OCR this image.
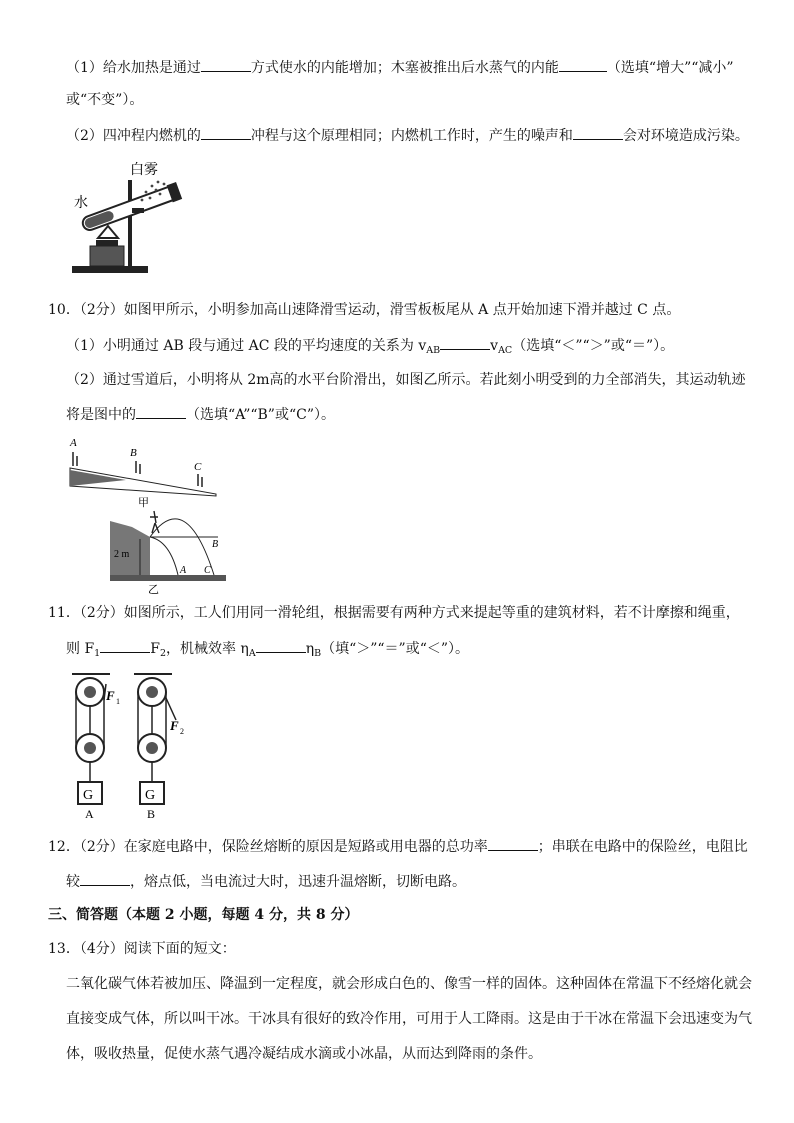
（1）给水加热是通过	方式使水的内能增加；木塞被推出后水蒸气的内能	（选填“增大”“减小”
或“不变”）。
（2）四冲程内燃机的	冲程与这个原理相同；内燃机工作时，产生的噪声和	会对环境造成污染。
白雾
水
10．（2分）如图甲所示，小明参加高山速降滑雪运动，滑雪板板尾从 A 点开始加速下滑并越过 C 点。
（1）小明通过 AB 段与通过 AC 段的平均速度的关系为 $v_{AB}$	$v_{AC}$（选填“＜”“＞”或“＝”）。
（2）通过雪道后，小明将从 2m高的水平台阶滑出，如图乙所示。若此刻小明受到的力全部消失，其运动轨迹
将是图中的	（选填“A”“B”或“C”）。
A
B
C
甲
2 m
A
B
C
乙
11．（2分）如图所示，工人们用同一滑轮组，根据需要有两种方式来提起等重的建筑材料，若不计摩擦和绳重，
则 $F_1$	$F_2$，机械效率 $\eta_A$	$\eta_B$（填“＞”“＝”或“＜”）。
F 1
G
A
F 2
G
B
12．（2分）在家庭电路中，保险丝熔断的原因是短路或用电器的总功率	；串联在电路中的保险丝，电阻比
较	，熔点低，当电流过大时，迅速升温熔断，切断电路。
三、简答题（本题 2 小题，每题 4 分，共 8 分）
13．（4分）阅读下面的短文：
二氧化碳气体若被加压、降温到一定程度，就会形成白色的、像雪一样的固体。这种固体在常温下不经熔化就会
直接变成气体，所以叫干冰。干冰具有很好的致冷作用，可用于人工降雨。这是由于干冰在常温下会迅速变为气
体，吸收热量，促使水蒸气遇冷凝结成水滴或小冰晶，从而达到降雨的条件。
